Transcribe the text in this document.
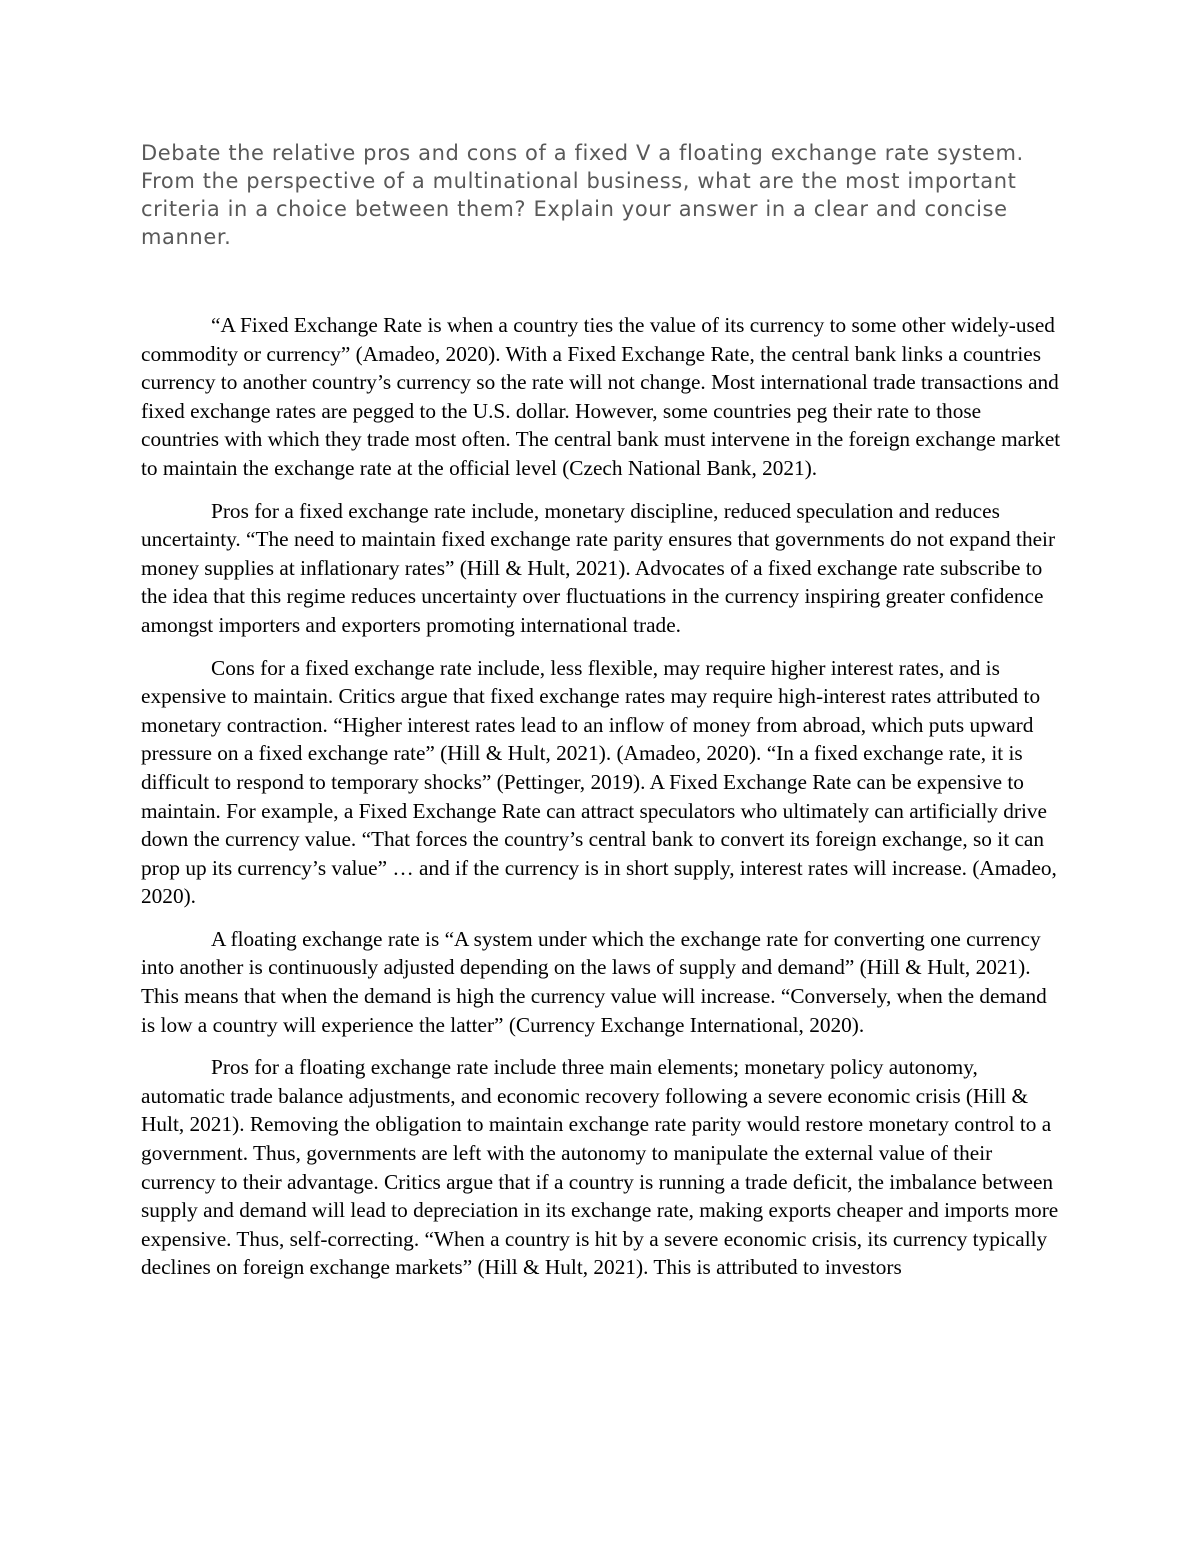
Debate the relative pros and cons of a fixed V a floating exchange rate system. From the perspective of a multinational business, what are the most important criteria in a choice between them? Explain your answer in a clear and concise manner.

“A Fixed Exchange Rate is when a country ties the value of its currency to some other widely-used commodity or currency” (Amadeo, 2020). With a Fixed Exchange Rate, the central bank links a countries currency to another country’s currency so the rate will not change. Most international trade transactions and fixed exchange rates are pegged to the U.S. dollar. However, some countries peg their rate to those countries with which they trade most often. The central bank must intervene in the foreign exchange market to maintain the exchange rate at the official level (Czech National Bank, 2021).

Pros for a fixed exchange rate include, monetary discipline, reduced speculation and reduces uncertainty. “The need to maintain fixed exchange rate parity ensures that governments do not expand their money supplies at inflationary rates” (Hill & Hult, 2021). Advocates of a fixed exchange rate subscribe to the idea that this regime reduces uncertainty over fluctuations in the currency inspiring greater confidence amongst importers and exporters promoting international trade.

Cons for a fixed exchange rate include, less flexible, may require higher interest rates, and is expensive to maintain. Critics argue that fixed exchange rates may require high-interest rates attributed to monetary contraction. “Higher interest rates lead to an inflow of money from abroad, which puts upward pressure on a fixed exchange rate” (Hill & Hult, 2021). (Amadeo, 2020). “In a fixed exchange rate, it is difficult to respond to temporary shocks” (Pettinger, 2019). A Fixed Exchange Rate can be expensive to maintain. For example, a Fixed Exchange Rate can attract speculators who ultimately can artificially drive down the currency value. “That forces the country’s central bank to convert its foreign exchange, so it can prop up its currency’s value” … and if the currency is in short supply, interest rates will increase. (Amadeo, 2020).

A floating exchange rate is “A system under which the exchange rate for converting one currency into another is continuously adjusted depending on the laws of supply and demand” (Hill & Hult, 2021). This means that when the demand is high the currency value will increase. “Conversely, when the demand is low a country will experience the latter” (Currency Exchange International, 2020).

Pros for a floating exchange rate include three main elements; monetary policy autonomy, automatic trade balance adjustments, and economic recovery following a severe economic crisis (Hill & Hult, 2021). Removing the obligation to maintain exchange rate parity would restore monetary control to a government. Thus, governments are left with the autonomy to manipulate the external value of their currency to their advantage. Critics argue that if a country is running a trade deficit, the imbalance between supply and demand will lead to depreciation in its exchange rate, making exports cheaper and imports more expensive. Thus, self-correcting. “When a country is hit by a severe economic crisis, its currency typically declines on foreign exchange markets” (Hill & Hult, 2021). This is attributed to investors
